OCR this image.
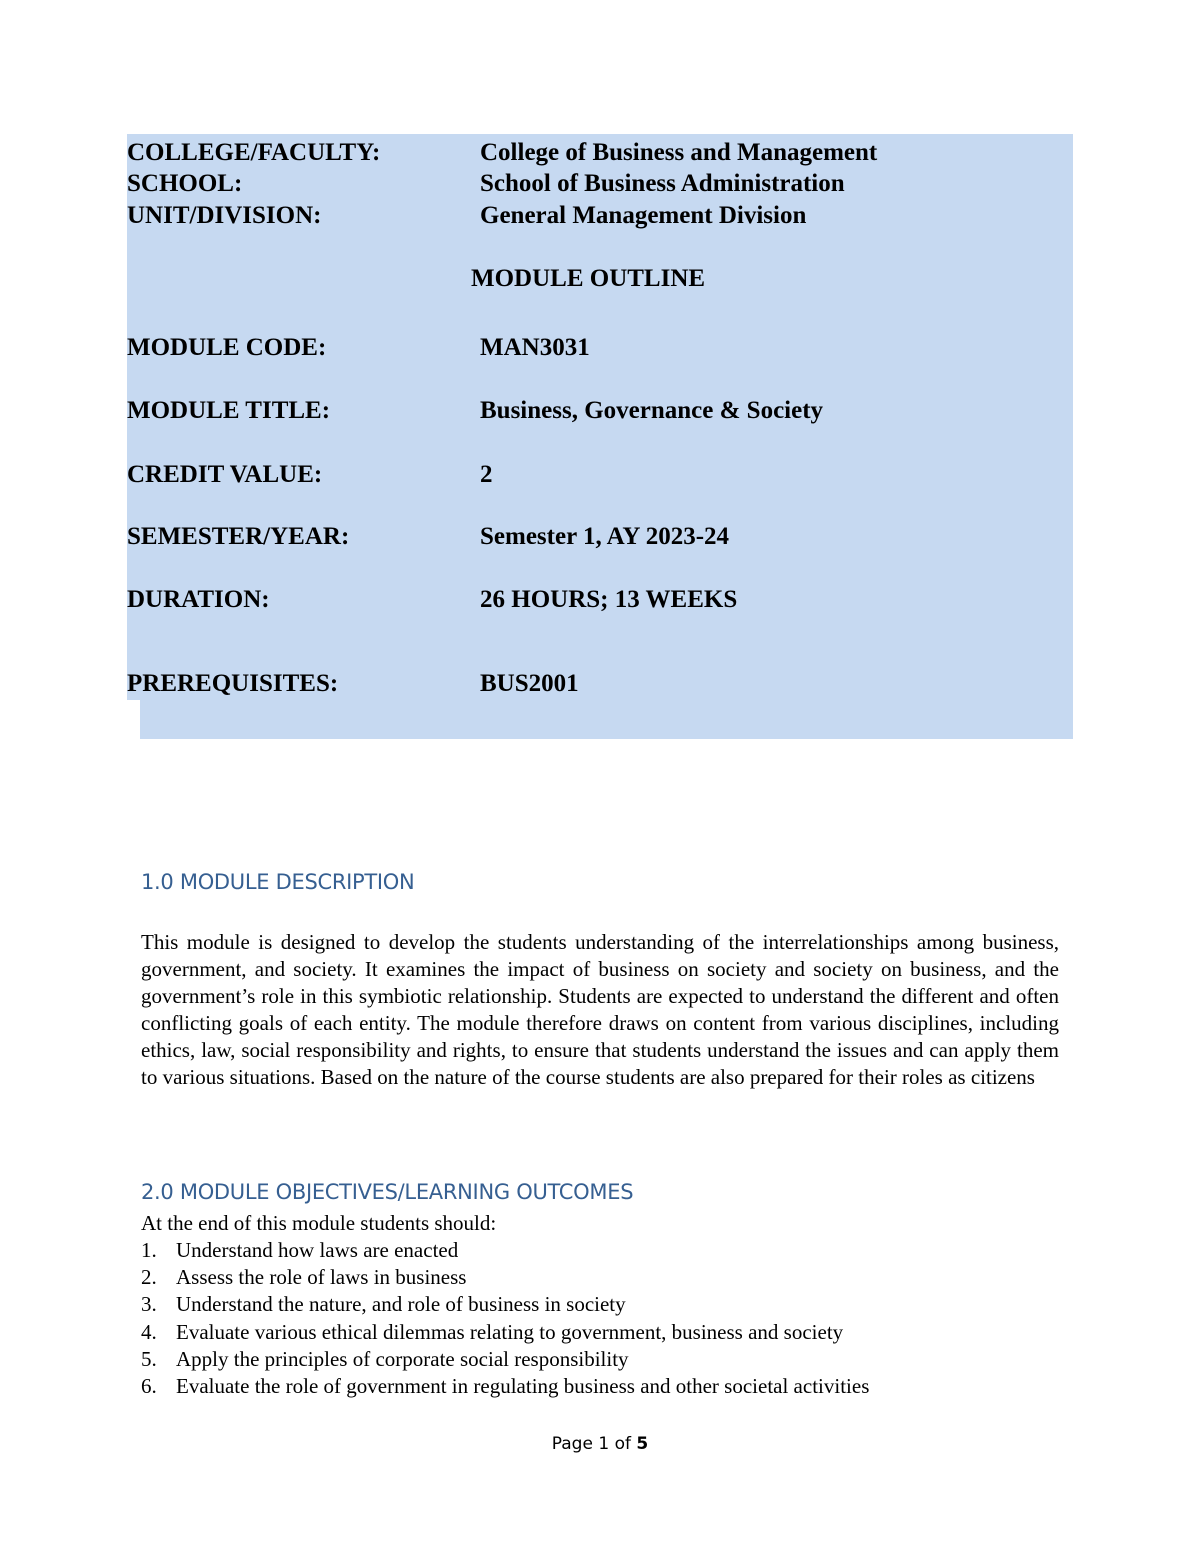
COLLEGE/FACULTY:	College of Business and Management
SCHOOL:	School of Business Administration
UNIT/DIVISION:	General Management Division
MODULE OUTLINE
MODULE CODE:	MAN3031
MODULE TITLE:	Business, Governance & Society
CREDIT VALUE:	2
SEMESTER/YEAR:	Semester 1, AY 2023-24
DURATION:	26 HOURS; 13 WEEKS
PREREQUISITES:	BUS2001
1.0 MODULE DESCRIPTION
This module is designed to develop the students understanding of the interrelationships among business, government, and society. It examines the impact of business on society and society on business, and the government’s role in this symbiotic relationship. Students are expected to understand the different and often conflicting goals of each entity. The module therefore draws on content from various disciplines, including ethics, law, social responsibility and rights, to ensure that students understand the issues and can apply them to various situations. Based on the nature of the course students are also prepared for their roles as citizens
2.0 MODULE OBJECTIVES/LEARNING OUTCOMES
At the end of this module students should:
1. Understand how laws are enacted
2. Assess the role of laws in business
3. Understand the nature, and role of business in society
4. Evaluate various ethical dilemmas relating to government, business and society
5. Apply the principles of corporate social responsibility
6. Evaluate the role of government in regulating business and other societal activities
Page 1 of 5
